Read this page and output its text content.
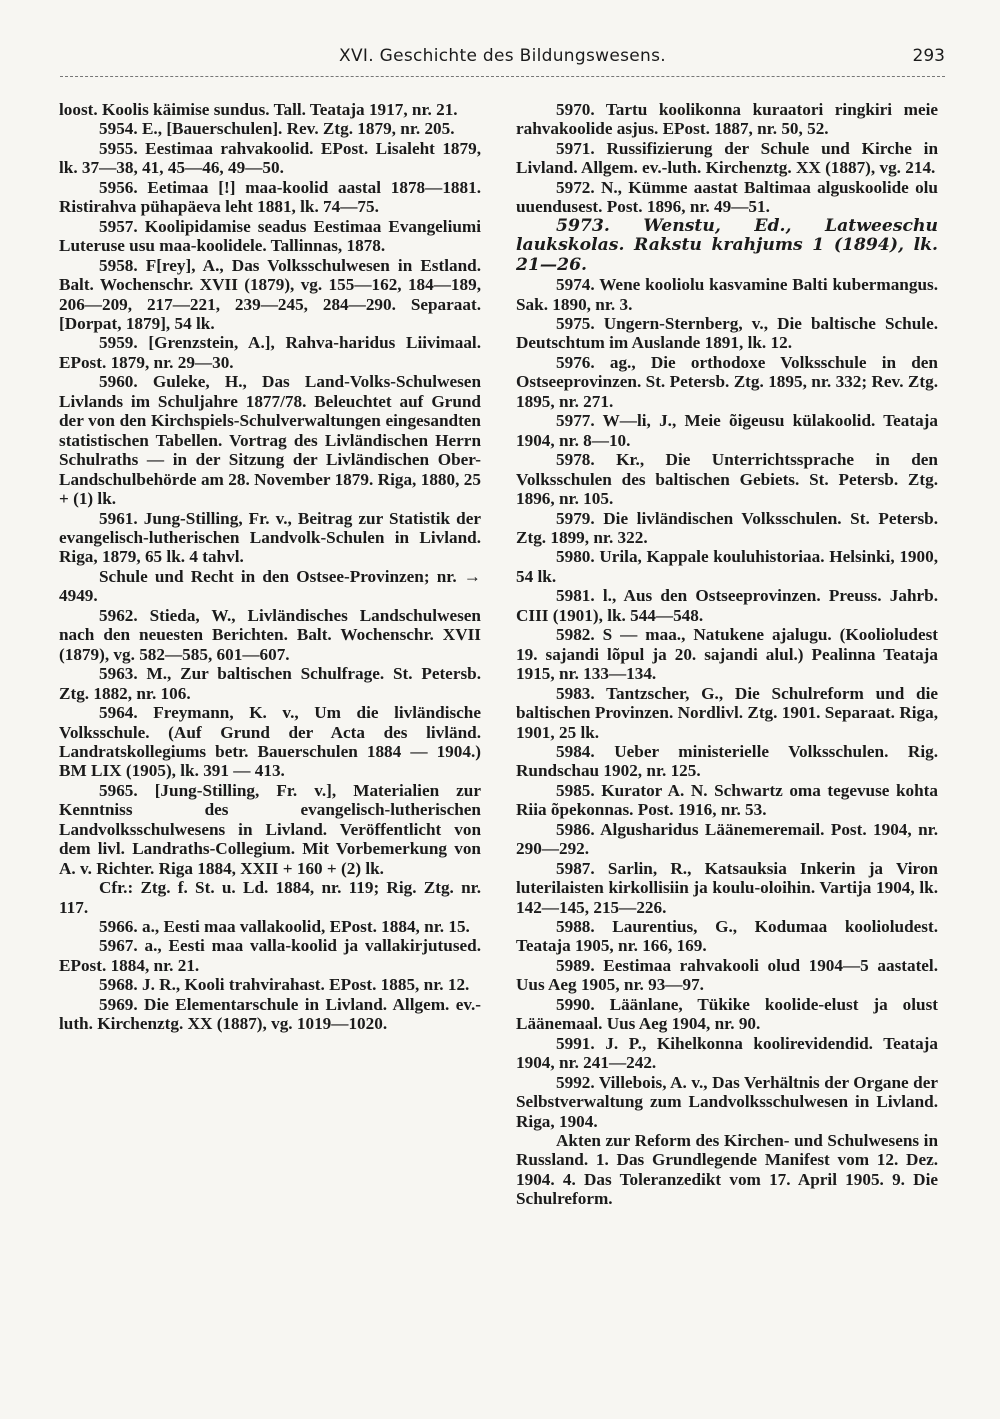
XVI. Geschichte des Bildungswesens.	293

loost. Koolis käimise sundus. Tall. Teataja 1917, nr. 21.

5954. E., [Bauerschulen]. Rev. Ztg. 1879, nr. 205.

5955. Eestimaa rahvakoolid. EPost. Lisaleht 1879, lk. 37—38, 41, 45—46, 49—50.

5956. Eetimaa [!] maa-koolid aastal 1878—1881. Ristirahva pühapäeva leht 1881, lk. 74—75.

5957. Koolipidamise seadus Eestimaa Evangeliumi Luteruse usu maa-koolidele. Tallinnas, 1878.

5958. F[rey], A., Das Volksschulwesen in Estland. Balt. Wochenschr. XVII (1879), vg. 155—162, 184—189, 206—209, 217—221, 239—245, 284—290. Separaat. [Dorpat, 1879], 54 lk.

5959. [Grenzstein, A.], Rahva-haridus Liivimaal. EPost. 1879, nr. 29—30.

5960. Guleke, H., Das Land-Volks-Schulwesen Livlands im Schuljahre 1877/78. Beleuchtet auf Grund der von den Kirchspiels-Schulverwaltungen eingesandten statistischen Tabellen. Vortrag des Livländischen Herrn Schulraths — in der Sitzung der Livländischen Ober-Landschulbehörde am 28. November 1879. Riga, 1880, 25 + (1) lk.

5961. Jung-Stilling, Fr. v., Beitrag zur Statistik der evangelisch-lutherischen Landvolk-Schulen in Livland. Riga, 1879, 65 lk. 4 tahvl.

Schule und Recht in den Ostsee-Provinzen; nr. → 4949.

5962. Stieda, W., Livländisches Landschulwesen nach den neuesten Berichten. Balt. Wochenschr. XVII (1879), vg. 582—585, 601—607.

5963. M., Zur baltischen Schulfrage. St. Petersb. Ztg. 1882, nr. 106.

5964. Freymann, K. v., Um die livländische Volksschule. (Auf Grund der Acta des livländ. Landratskollegiums betr. Bauerschulen 1884 — 1904.) BM LIX (1905), lk. 391 — 413.

5965. [Jung-Stilling, Fr. v.], Materialien zur Kenntniss des evangelisch-lutherischen Landvolksschulwesens in Livland. Veröffentlicht von dem livl. Landraths-Collegium. Mit Vorbemerkung von A. v. Richter. Riga 1884, XXII + 160 + (2) lk.

Cfr.: Ztg. f. St. u. Ld. 1884, nr. 119; Rig. Ztg. nr. 117.

5966. a., Eesti maa vallakoolid, EPost. 1884, nr. 15.

5967. a., Eesti maa valla-koolid ja vallakirjutused. EPost. 1884, nr. 21.

5968. J. R., Kooli trahvirahast. EPost. 1885, nr. 12.

5969. Die Elementarschule in Livland. Allgem. ev.-luth. Kirchenztg. XX (1887), vg. 1019—1020.

5970. Tartu koolikonna kuraatori ringkiri meie rahvakoolide asjus. EPost. 1887, nr. 50, 52.

5971. Russifizierung der Schule und Kirche in Livland. Allgem. ev.-luth. Kirchenztg. XX (1887), vg. 214.

5972. N., Kümme aastat Baltimaa alguskoolide olu uuendusest. Post. 1896, nr. 49—51.

5973. Wenstu, Ed., Latweeschu laukskolas. Rakstu krahjums 1 (1894), lk. 21—26.

5974. Wene kooliolu kasvamine Balti kubermangus. Sak. 1890, nr. 3.

5975. Ungern-Sternberg, v., Die baltische Schule. Deutschtum im Auslande 1891, lk. 12.

5976. ag., Die orthodoxe Volksschule in den Ostseeprovinzen. St. Petersb. Ztg. 1895, nr. 332; Rev. Ztg. 1895, nr. 271.

5977. W—li, J., Meie õigeusu külakoolid. Teataja 1904, nr. 8—10.

5978. Kr., Die Unterrichtssprache in den Volksschulen des baltischen Gebiets. St. Petersb. Ztg. 1896, nr. 105.

5979. Die livländischen Volksschulen. St. Petersb. Ztg. 1899, nr. 322.

5980. Urila, Kappale kouluhistoriaa. Helsinki, 1900, 54 lk.

5981. l., Aus den Ostseeprovinzen. Preuss. Jahrb. CIII (1901), lk. 544—548.

5982. S — maa., Natukene ajalugu. (Koolioludest 19. sajandi lõpul ja 20. sajandi alul.) Pealinna Teataja 1915, nr. 133—134.

5983. Tantzscher, G., Die Schulreform und die baltischen Provinzen. Nordlivl. Ztg. 1901. Separaat. Riga, 1901, 25 lk.

5984. Ueber ministerielle Volksschulen. Rig. Rundschau 1902, nr. 125.

5985. Kurator A. N. Schwartz oma tegevuse kohta Riia õpekonnas. Post. 1916, nr. 53.

5986. Algusharidus Läänemeremail. Post. 1904, nr. 290—292.

5987. Sarlin, R., Katsauksia Inkerin ja Viron luterilaisten kirkollisiin ja koulu-oloihin. Vartija 1904, lk. 142—145, 215—226.

5988. Laurentius, G., Kodumaa koolioludest. Teataja 1905, nr. 166, 169.

5989. Eestimaa rahvakooli olud 1904—5 aastatel. Uus Aeg 1905, nr. 93—97.

5990. Läänlane, Tükike koolide-elust ja olust Läänemaal. Uus Aeg 1904, nr. 90.

5991. J. P., Kihelkonna koolirevidendid. Teataja 1904, nr. 241—242.

5992. Villebois, A. v., Das Verhältnis der Organe der Selbstverwaltung zum Landvolksschulwesen in Livland. Riga, 1904.

Akten zur Reform des Kirchen- und Schulwesens in Russland. 1. Das Grundlegende Manifest vom 12. Dez. 1904. 4. Das Toleranzedikt vom 17. April 1905. 9. Die Schulreform.
